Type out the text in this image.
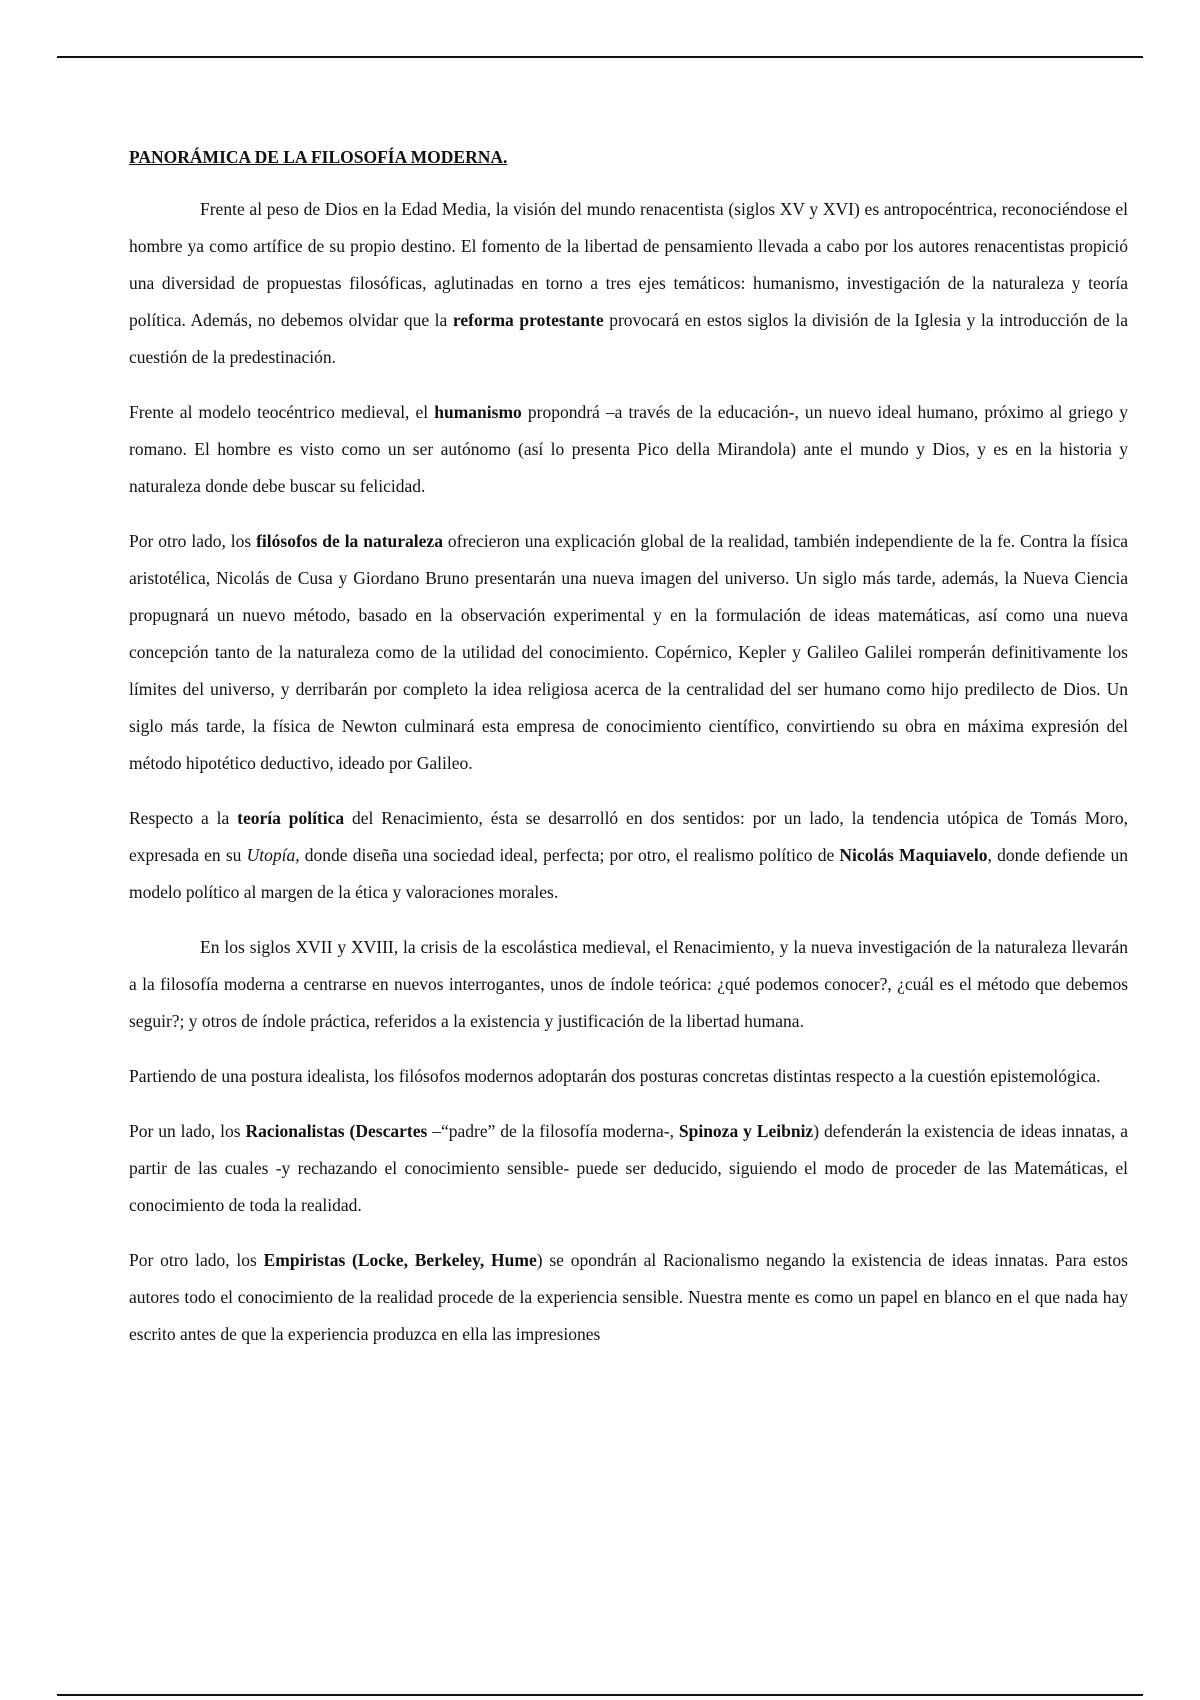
PANORÁMICA DE LA FILOSOFÍA MODERNA.

Frente al peso de Dios en la Edad Media, la visión del mundo renacentista (siglos XV y XVI) es antropocéntrica, reconociéndose el hombre ya como artífice de su propio destino. El fomento de la libertad de pensamiento llevada a cabo por los autores renacentistas propició una diversidad de propuestas filosóficas, aglutinadas en torno a tres ejes temáticos: humanismo, investigación de la naturaleza y teoría política. Además, no debemos olvidar que la reforma protestante provocará en estos siglos la división de la Iglesia y la introducción de la cuestión de la predestinación.

Frente al modelo teocéntrico medieval, el humanismo propondrá –a través de la educación-, un nuevo ideal humano, próximo al griego y romano. El hombre es visto como un ser autónomo (así lo presenta Pico della Mirandola) ante el mundo y Dios, y es en la historia y naturaleza donde debe buscar su felicidad.

Por otro lado, los filósofos de la naturaleza ofrecieron una explicación global de la realidad, también independiente de la fe. Contra la física aristotélica, Nicolás de Cusa y Giordano Bruno presentarán una nueva imagen del universo. Un siglo más tarde, además, la Nueva Ciencia propugnará un nuevo método, basado en la observación experimental y en la formulación de ideas matemáticas, así como una nueva concepción tanto de la naturaleza como de la utilidad del conocimiento. Copérnico, Kepler y Galileo Galilei romperán definitivamente los límites del universo, y derribarán por completo la idea religiosa acerca de la centralidad del ser humano como hijo predilecto de Dios. Un siglo más tarde, la física de Newton culminará esta empresa de conocimiento científico, convirtiendo su obra en máxima expresión del método hipotético deductivo, ideado por Galileo.

Respecto a la teoría política del Renacimiento, ésta se desarrolló en dos sentidos: por un lado, la tendencia utópica de Tomás Moro, expresada en su Utopía, donde diseña una sociedad ideal, perfecta; por otro, el realismo político de Nicolás Maquiavelo, donde defiende un modelo político al margen de la ética y valoraciones morales.

En los siglos XVII y XVIII, la crisis de la escolástica medieval, el Renacimiento, y la nueva investigación de la naturaleza llevarán a la filosofía moderna a centrarse en nuevos interrogantes, unos de índole teórica: ¿qué podemos conocer?, ¿cuál es el método que debemos seguir?; y otros de índole práctica, referidos a la existencia y justificación de la libertad humana.

Partiendo de una postura idealista, los filósofos modernos adoptarán dos posturas concretas distintas respecto a la cuestión epistemológica.

Por un lado, los Racionalistas (Descartes –“padre” de la filosofía moderna-, Spinoza y Leibniz) defenderán la existencia de ideas innatas, a partir de las cuales -y rechazando el conocimiento sensible- puede ser deducido, siguiendo el modo de proceder de las Matemáticas, el conocimiento de toda la realidad.

Por otro lado, los Empiristas (Locke, Berkeley, Hume) se opondrán al Racionalismo negando la existencia de ideas innatas. Para estos autores todo el conocimiento de la realidad procede de la experiencia sensible. Nuestra mente es como un papel en blanco en el que nada hay escrito antes de que la experiencia produzca en ella las impresiones
